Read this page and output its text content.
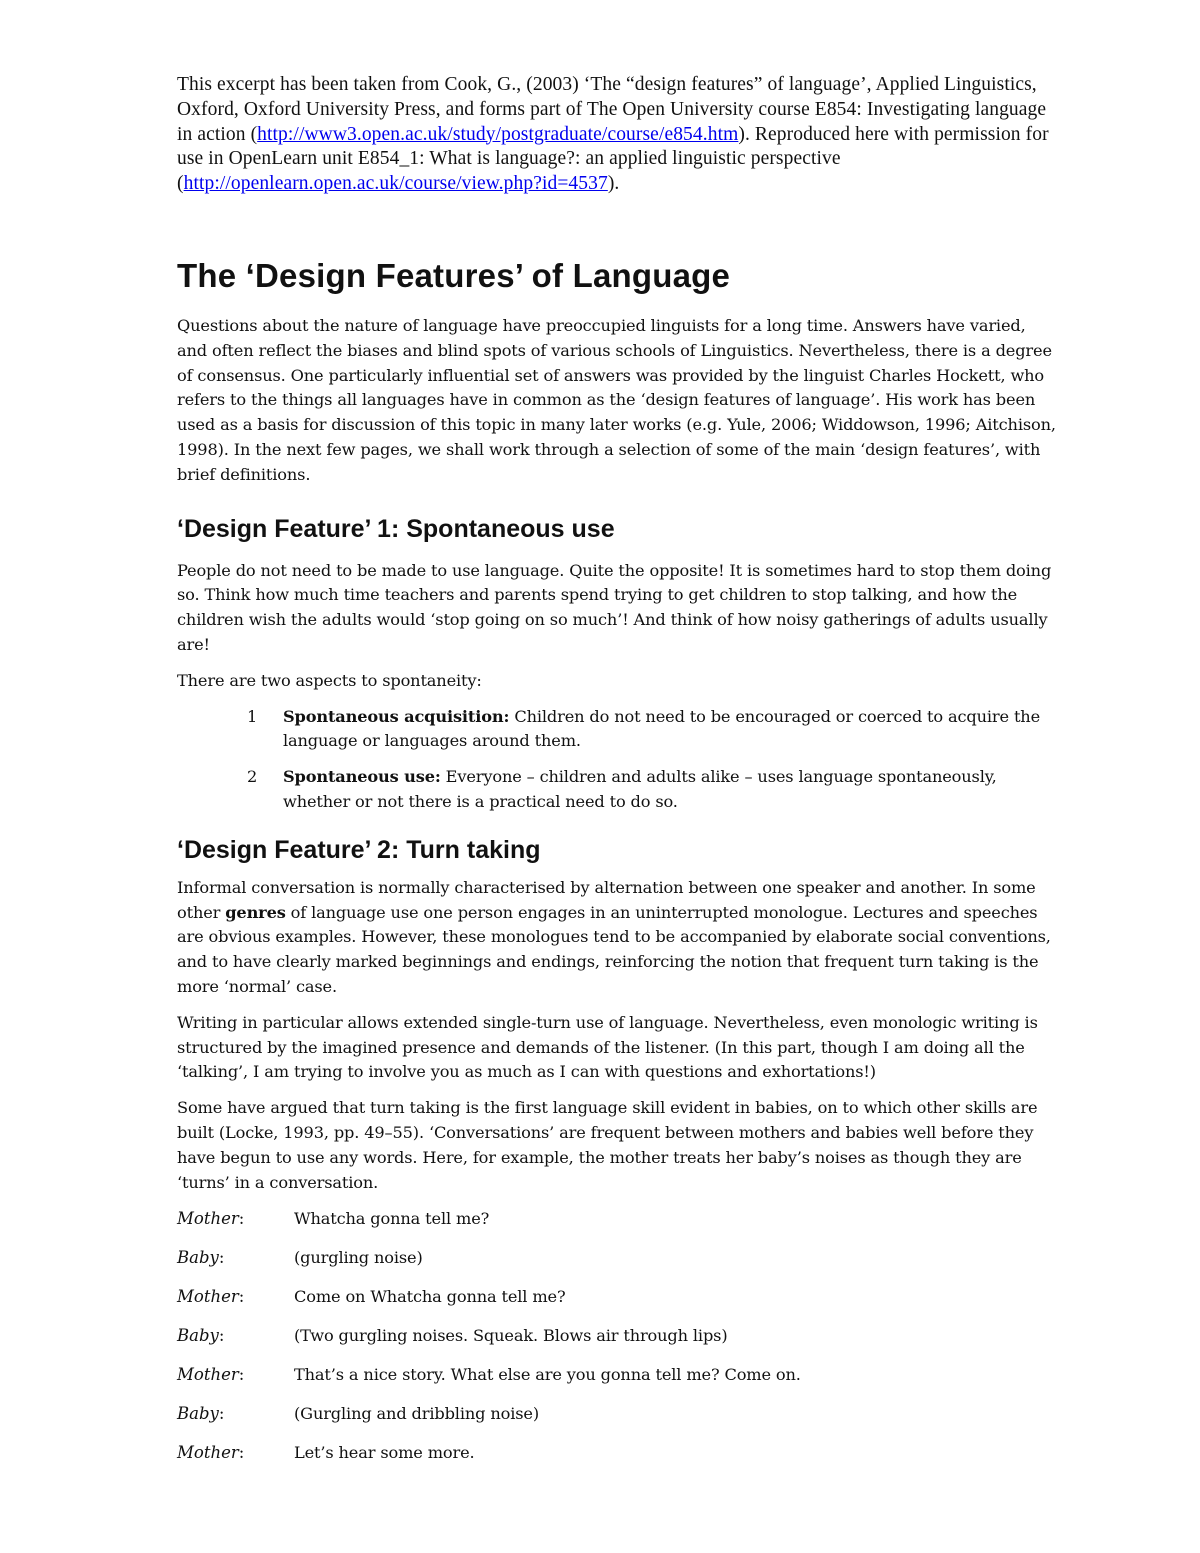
This excerpt has been taken from Cook, G., (2003) ‘The “design features” of language’, Applied Linguistics, Oxford, Oxford University Press, and forms part of The Open University course E854: Investigating language in action (http://www3.open.ac.uk/study/postgraduate/course/e854.htm). Reproduced here with permission for use in OpenLearn unit E854_1: What is language?: an applied linguistic perspective (http://openlearn.open.ac.uk/course/view.php?id=4537).

The ‘Design Features’ of Language

Questions about the nature of language have preoccupied linguists for a long time. Answers have varied, and often reflect the biases and blind spots of various schools of Linguistics. Nevertheless, there is a degree of consensus. One particularly influential set of answers was provided by the linguist Charles Hockett, who refers to the things all languages have in common as the ‘design features of language’. His work has been used as a basis for discussion of this topic in many later works (e.g. Yule, 2006; Widdowson, 1996; Aitchison, 1998). In the next few pages, we shall work through a selection of some of the main ‘design features’, with brief definitions.

‘Design Feature’ 1: Spontaneous use

People do not need to be made to use language. Quite the opposite! It is sometimes hard to stop them doing so. Think how much time teachers and parents spend trying to get children to stop talking, and how the children wish the adults would ‘stop going on so much’! And think of how noisy gatherings of adults usually are!

There are two aspects to spontaneity:

1 Spontaneous acquisition: Children do not need to be encouraged or coerced to acquire the language or languages around them.
2 Spontaneous use: Everyone – children and adults alike – uses language spontaneously, whether or not there is a practical need to do so.
‘Design Feature’ 2: Turn taking

Informal conversation is normally characterised by alternation between one speaker and another. In some other genres of language use one person engages in an uninterrupted monologue. Lectures and speeches are obvious examples. However, these monologues tend to be accompanied by elaborate social conventions, and to have clearly marked beginnings and endings, reinforcing the notion that frequent turn taking is the more ‘normal’ case.

Writing in particular allows extended single-turn use of language. Nevertheless, even monologic writing is structured by the imagined presence and demands of the listener. (In this part, though I am doing all the ‘talking’, I am trying to involve you as much as I can with questions and exhortations!)

Some have argued that turn taking is the first language skill evident in babies, on to which other skills are built (Locke, 1993, pp. 49–55). ‘Conversations’ are frequent between mothers and babies well before they have begun to use any words. Here, for example, the mother treats her baby’s noises as though they are ‘turns’ in a conversation.

Mother:	Whatcha gonna tell me?
Baby:	(gurgling noise)
Mother:	Come on Whatcha gonna tell me?
Baby:	(Two gurgling noises. Squeak. Blows air through lips)
Mother:	That’s a nice story. What else are you gonna tell me? Come on.
Baby:	(Gurgling and dribbling noise)
Mother:	Let’s hear some more.
